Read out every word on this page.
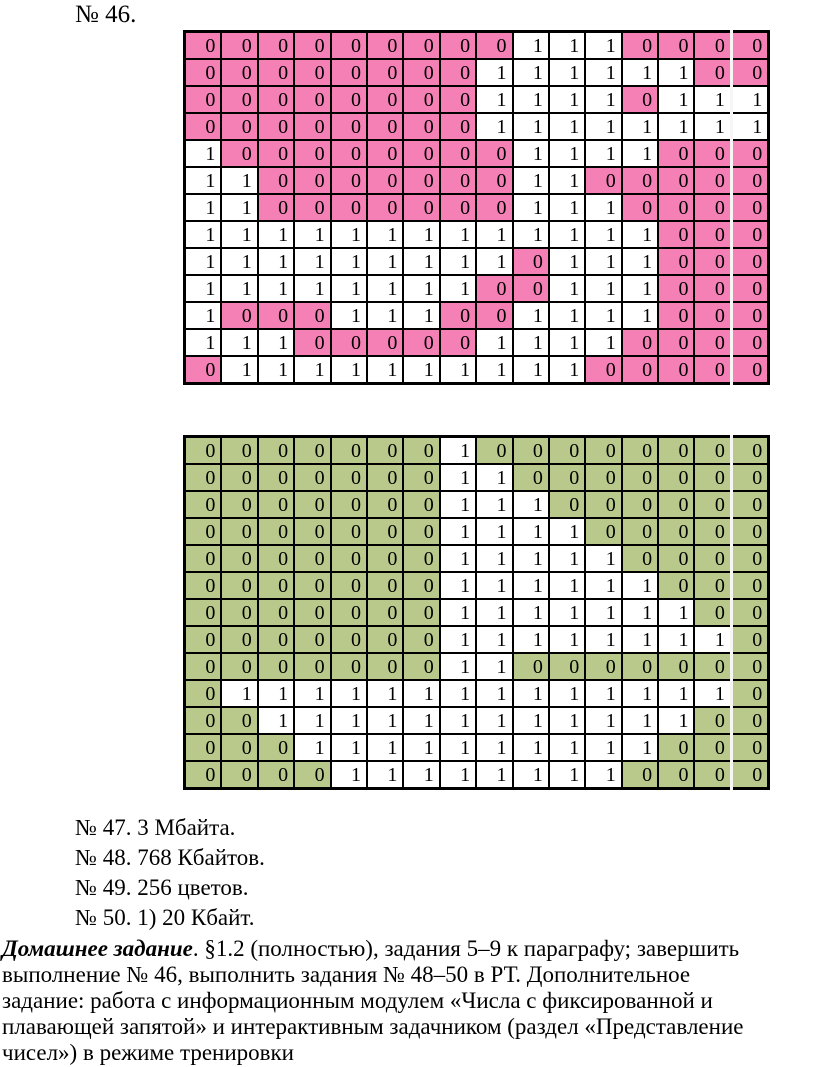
№ 46.
0	0	0	0	0	0	0	0	0	1	1	1	0	0	0	0
0	0	0	0	0	0	0	0	1	1	1	1	1	1	0	0
0	0	0	0	0	0	0	0	1	1	1	1	0	1	1	1
0	0	0	0	0	0	0	0	1	1	1	1	1	1	1	1
1	0	0	0	0	0	0	0	0	1	1	1	1	0	0	0
1	1	0	0	0	0	0	0	0	1	1	0	0	0	0	0
1	1	0	0	0	0	0	0	0	1	1	1	0	0	0	0
1	1	1	1	1	1	1	1	1	1	1	1	1	0	0	0
1	1	1	1	1	1	1	1	1	0	1	1	1	0	0	0
1	1	1	1	1	1	1	1	0	0	1	1	1	0	0	0
1	0	0	0	1	1	1	0	0	1	1	1	1	0	0	0
1	1	1	0	0	0	0	0	1	1	1	1	0	0	0	0
0	1	1	1	1	1	1	1	1	1	1	0	0	0	0	0
0	0	0	0	0	0	0	1	0	0	0	0	0	0	0	0
0	0	0	0	0	0	0	1	1	0	0	0	0	0	0	0
0	0	0	0	0	0	0	1	1	1	0	0	0	0	0	0
0	0	0	0	0	0	0	1	1	1	1	0	0	0	0	0
0	0	0	0	0	0	0	1	1	1	1	1	0	0	0	0
0	0	0	0	0	0	0	1	1	1	1	1	1	0	0	0
0	0	0	0	0	0	0	1	1	1	1	1	1	1	0	0
0	0	0	0	0	0	0	1	1	1	1	1	1	1	1	0
0	0	0	0	0	0	0	1	1	0	0	0	0	0	0	0
0	1	1	1	1	1	1	1	1	1	1	1	1	1	1	0
0	0	1	1	1	1	1	1	1	1	1	1	1	1	0	0
0	0	0	1	1	1	1	1	1	1	1	1	1	0	0	0
0	0	0	0	1	1	1	1	1	1	1	1	0	0	0	0
№ 47. 3 Мбайта.
№ 48. 768 Кбайтов.
№ 49. 256 цветов.
№ 50. 1) 20 Кбайт.
Домашнее задание. §1.2 (полностью), задания 5–9 к параграфу; завершить
выполнение № 46, выполнить задания № 48–50 в РТ. Дополнительное
задание: работа с информационным модулем «Числа с фиксированной и
плавающей запятой» и интерактивным задачником (раздел «Представление
чисел») в режиме тренировки
